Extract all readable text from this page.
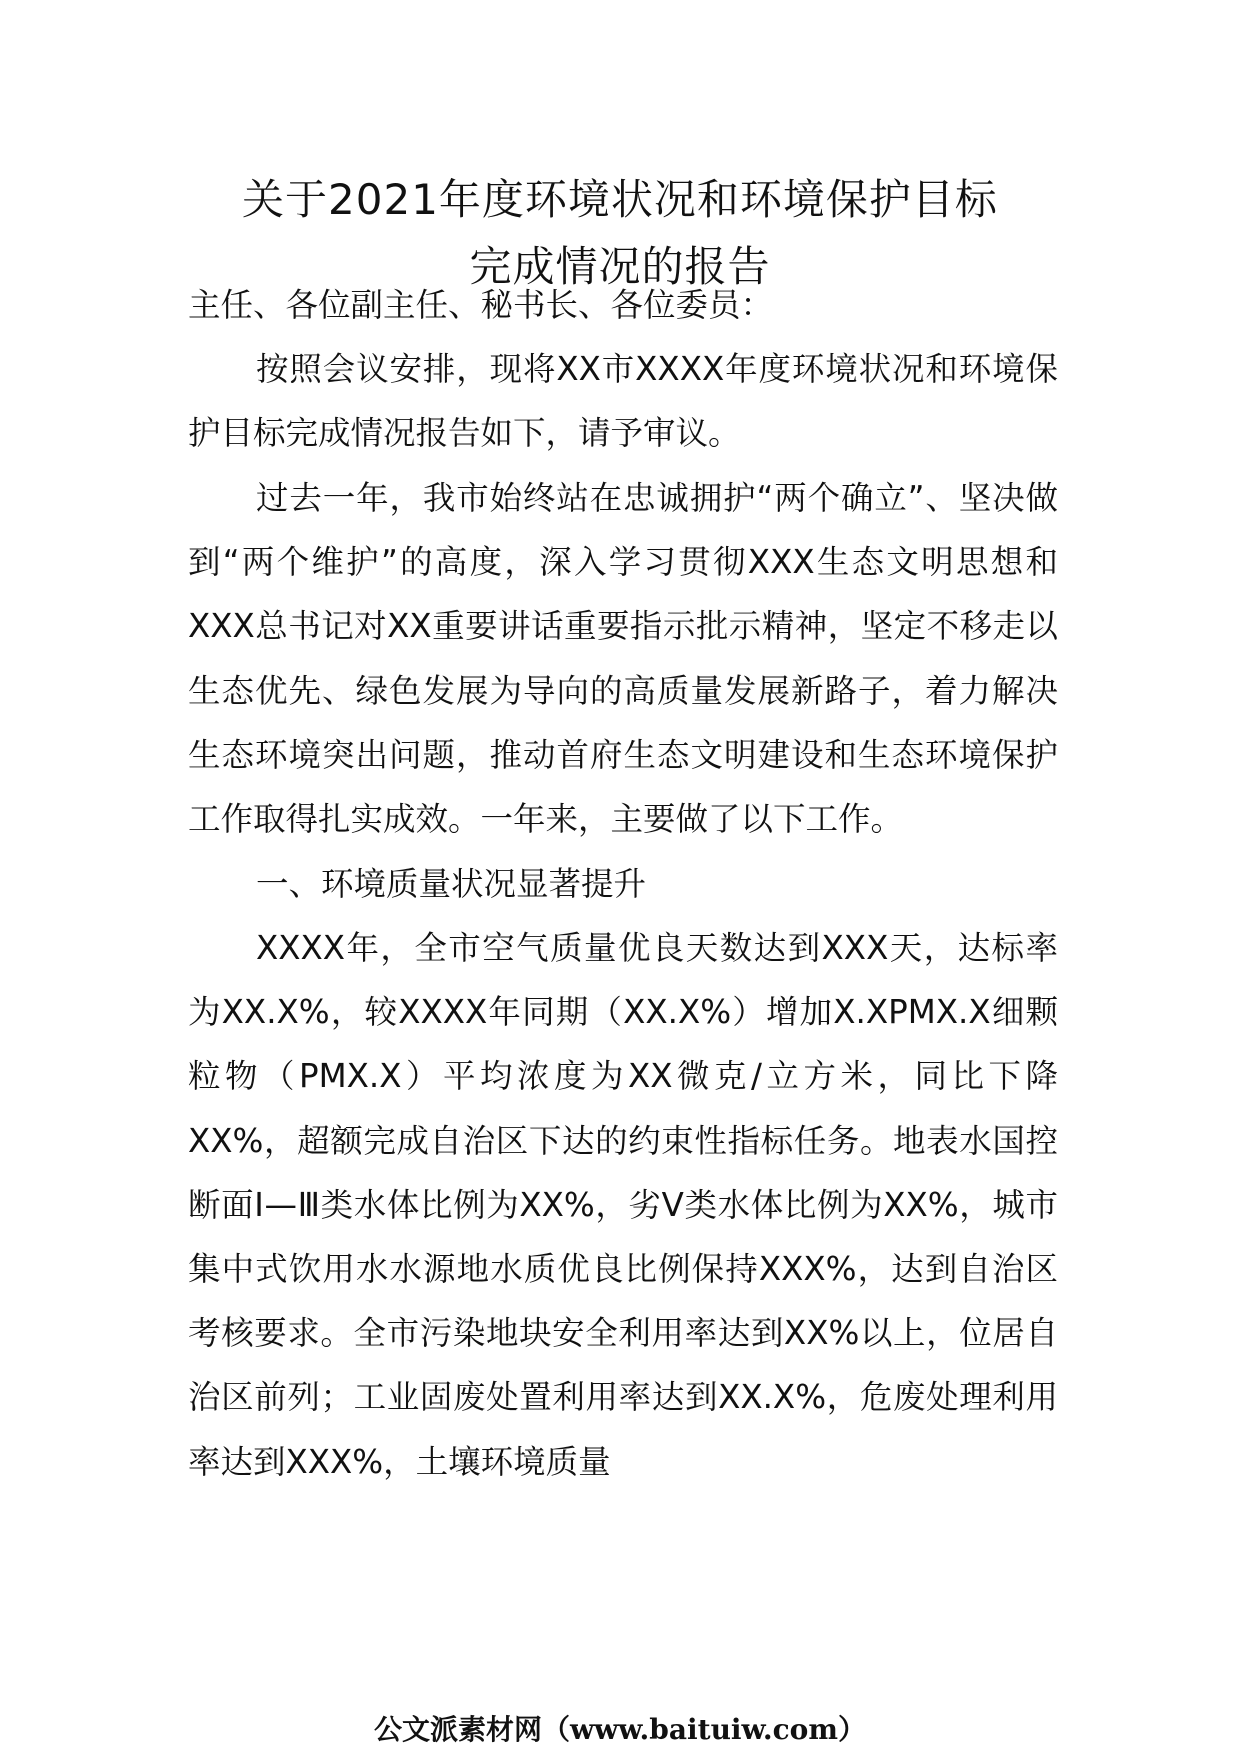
关于2021年度环境状况和环境保护目标
完成情况的报告

主任、各位副主任、秘书长、各位委员：

按照会议安排，现将XX市XXXX年度环境状况和环境保护目标完成情况报告如下，请予审议。

过去一年，我市始终站在忠诚拥护“两个确立”、坚决做到“两个维护”的高度，深入学习贯彻XXX生态文明思想和XXX总书记对XX重要讲话重要指示批示精神，坚定不移走以生态优先、绿色发展为导向的高质量发展新路子，着力解决生态环境突出问题，推动首府生态文明建设和生态环境保护工作取得扎实成效。一年来，主要做了以下工作。

一、环境质量状况显著提升

XXXX年，全市空气质量优良天数达到XXX天，达标率为XX.X%，较XXXX年同期（XX.X%）增加X.XPMX.X细颗粒物（PMX.X）平均浓度为XX微克/立方米，同比下降XX%，超额完成自治区下达的约束性指标任务。地表水国控断面Ⅰ—Ⅲ类水体比例为XX%，劣Ⅴ类水体比例为XX%，城市集中式饮用水水源地水质优良比例保持XXX%，达到自治区考核要求。全市污染地块安全利用率达到XX%以上，位居自治区前列；工业固废处置利用率达到XX.X%，危废处理利用率达到XXX%，土壤环境质量

公文派素材网（www.baituiw.com）
